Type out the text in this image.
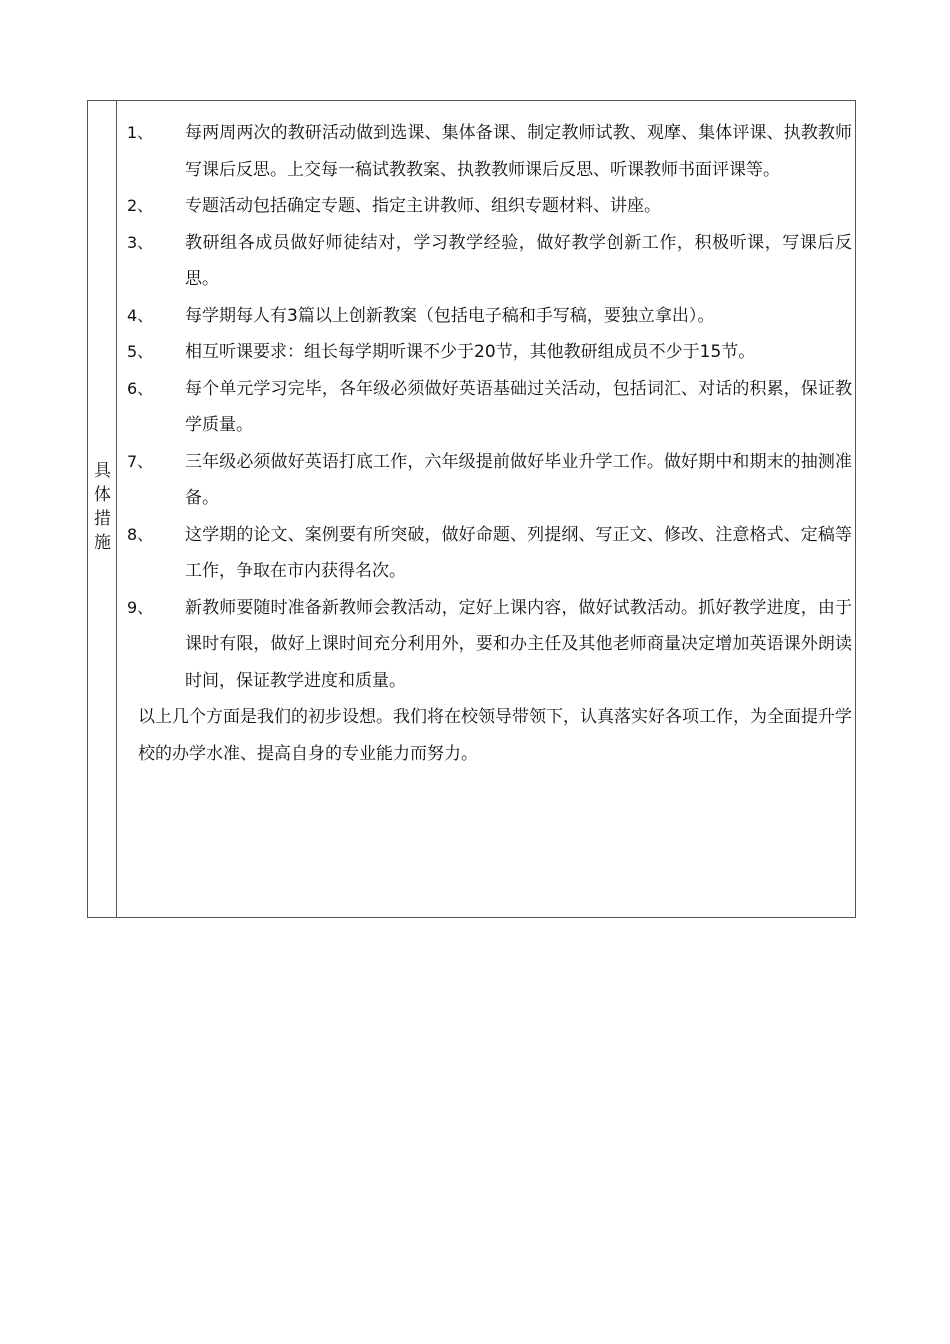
具
体
措
施
1、 每两周两次的教研活动做到选课、集体备课、制定教师试教、观摩、集体评课、执教教师写课后反思。上交每一稿试教教案、执教教师课后反思、听课教师书面评课等。
2、 专题活动包括确定专题、指定主讲教师、组织专题材料、讲座。
3、 教研组各成员做好师徒结对，学习教学经验，做好教学创新工作，积极听课，写课后反思。
4、 每学期每人有3篇以上创新教案（包括电子稿和手写稿，要独立拿出）。
5、 相互听课要求：组长每学期听课不少于20节，其他教研组成员不少于15节。
6、 每个单元学习完毕，各年级必须做好英语基础过关活动，包括词汇、对话的积累，保证教学质量。
7、 三年级必须做好英语打底工作，六年级提前做好毕业升学工作。做好期中和期末的抽测准备。
8、 这学期的论文、案例要有所突破，做好命题、列提纲、写正文、修改、注意格式、定稿等工作，争取在市内获得名次。
9、 新教师要随时准备新教师会教活动，定好上课内容，做好试教活动。抓好教学进度，由于课时有限，做好上课时间充分利用外，要和办主任及其他老师商量决定增加英语课外朗读时间，保证教学进度和质量。
以上几个方面是我们的初步设想。我们将在校领导带领下，认真落实好各项工作，为全面提升学校的办学水准、提高自身的专业能力而努力。
